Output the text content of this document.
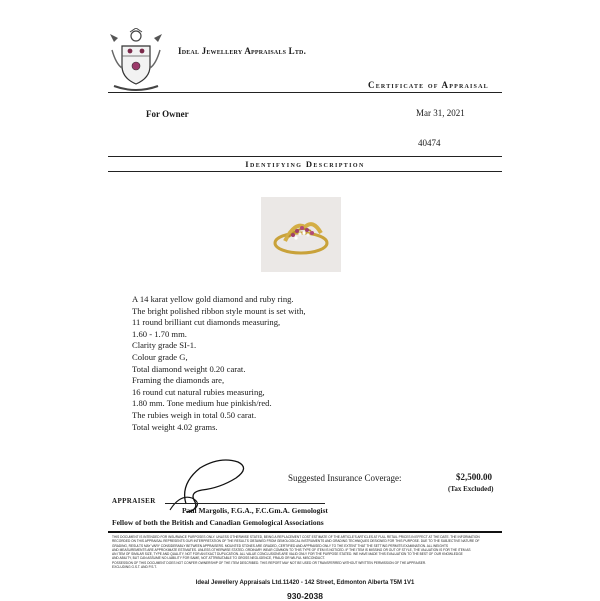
Ideal Jewellery Appraisals Ltd.
Certificate of Appraisal
For Owner	Mar 31, 2021
40474
Identifying Description
A 14 karat yellow gold diamond and ruby ring.
The bright polished ribbon style mount is set with,
11 round brilliant cut diamonds measuring,
1.60 - 1.70 mm.
Clarity grade SI-1.
Colour grade G,
Total diamond weight 0.20 carat.
Framing the diamonds are,
16 round cut natural rubies measuring,
1.80 mm. Tone medium hue pinkish/red.
The rubies weigh in total 0.50 carat.
Total weight 4.02 grams.
Suggested Insurance Coverage:	$2,500.00
(Tax Excluded)
APPRAISER
Paul Margolis, F.G.A., F.C.Gm.A. Gemologist
Fellow of both the British and Canadian Gemological Associations
THIS DOCUMENT IS INTENDED FOR INSURANCE PURPOSES ONLY. UNLESS OTHERWISE STATED, BEING A REPLACEMENT COST ESTIMATE OF THE ARTICLE'S ARTICLES AT FULL RETAIL PRICES IN EFFECT AT THE DATE. THE INFORMATION
RECORDED ON THIS APPRAISAL REPRESENTS OUR INTERPRETATION OF THE RESULTS OBTAINED FROM GEMOLOGICAL INSTRUMENTS AND GRADING TECHNIQUES DESIGNED FOR THIS PURPOSE. DUE TO THE SUBJECTIVE NATURE OF
GRADING, RESULTS MAY VARY CONSIDERABLY BETWEEN APPRAISERS. MOUNTED STONES ARE GRADED, CERTIFIED AND APPRAISED ONLY TO THE EXTENT THAT THE SETTING PERMITS EXAMINATION. ALL WEIGHTS
AND MEASUREMENTS ARE APPROXIMATE ESTIMATES. UNLESS OTHERWISE STATED. ORDINARY WEAR COMMON TO THIS TYPE OF ITEM IS NOTICED. IF THE ITEM IS MISSING OR OUT OF STYLE, THE VALUATION IS FOR THE ITEM AS
AN ITEM OF SIMILAR SIZE, TYPE AND QUALITY, NOT FOR AN EXACT DUPLICATION. ALL VALUE CONCLUSIONS ARE VALID ONLY FOR THE PURPOSE STATED. WE HAVE MADE THIS EVALUATION TO THE BEST OF OUR KNOWLEDGE
AND ABILITY, BUT CAN ASSUME NO LIABILITY FOR SAME, NOT ATTRIBUTABLE TO GROSS NEGLIGENCE, FRAUD OR WILFUL MISCONDUCT.
POSSESSION OF THIS DOCUMENT DOES NOT CONFER OWNERSHIP OF THE ITEM DESCRIBED. THIS REPORT MAY NOT BE USED OR TRANSFERRED WITHOUT WRITTEN PERMISSION OF THE APPRAISER.
EXCLUDING G.S.T. AND P.S.T.
Ideal Jewellery Appraisals Ltd.11420 - 142 Street, Edmonton Alberta T5M 1V1
930-2038
